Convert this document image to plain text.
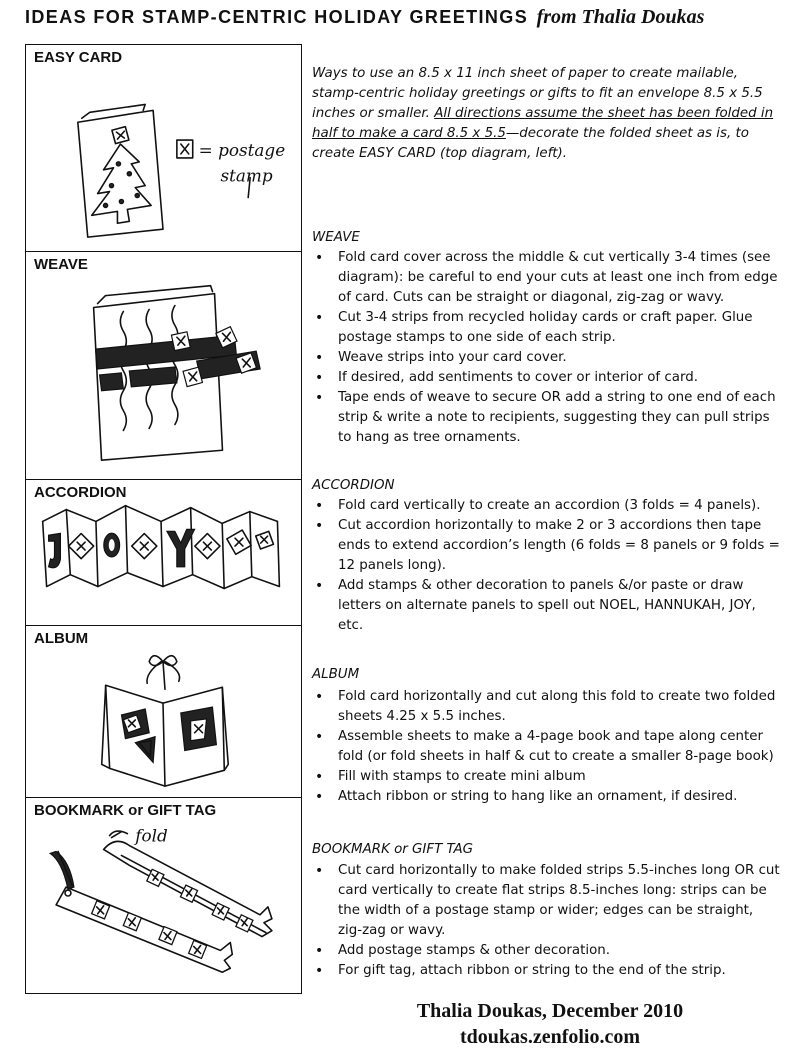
IDEAS FOR STAMP-CENTRIC HOLIDAY GREETINGS from Thalia Doukas
= postage
stamp
EASY CARD
WEAVE
ACCORDION
ALBUM
fold
BOOKMARK or GIFT TAG
Ways to use an 8.5 x 11 inch sheet of paper to create mailable, stamp-centric holiday greetings or gifts to fit an envelope 8.5 x 5.5 inches or smaller. All directions assume the sheet has been folded in half to make a card 8.5 x 5.5—decorate the folded sheet as is, to create EASY CARD (top diagram, left).
WEAVE
• Fold card cover across the middle & cut vertically 3-4 times (see diagram): be careful to end your cuts at least one inch from edge of card. Cuts can be straight or diagonal, zig-zag or wavy.
• Cut 3-4 strips from recycled holiday cards or craft paper. Glue postage stamps to one side of each strip.
• Weave strips into your card cover.
• If desired, add sentiments to cover or interior of card.
• Tape ends of weave to secure OR add a string to one end of each strip & write a note to recipients, suggesting they can pull strips to hang as tree ornaments.
ACCORDION
• Fold card vertically to create an accordion (3 folds = 4 panels).
• Cut accordion horizontally to make 2 or 3 accordions then tape ends to extend accordion’s length (6 folds = 8 panels or 9 folds = 12 panels long).
• Add stamps & other decoration to panels &/or paste or draw letters on alternate panels to spell out NOEL, HANNUKAH, JOY, etc.
ALBUM
• Fold card horizontally and cut along this fold to create two folded sheets 4.25 x 5.5 inches.
• Assemble sheets to make a 4-page book and tape along center fold (or fold sheets in half & cut to create a smaller 8-page book)
• Fill with stamps to create mini album
• Attach ribbon or string to hang like an ornament, if desired.
BOOKMARK or GIFT TAG
• Cut card horizontally to make folded strips 5.5-inches long OR cut card vertically to create flat strips 8.5-inches long: strips can be the width of a postage stamp or wider; edges can be straight, zig-zag or wavy.
• Add postage stamps & other decoration.
• For gift tag, attach ribbon or string to the end of the strip.
Thalia Doukas, December 2010
tdoukas.zenfolio.com
